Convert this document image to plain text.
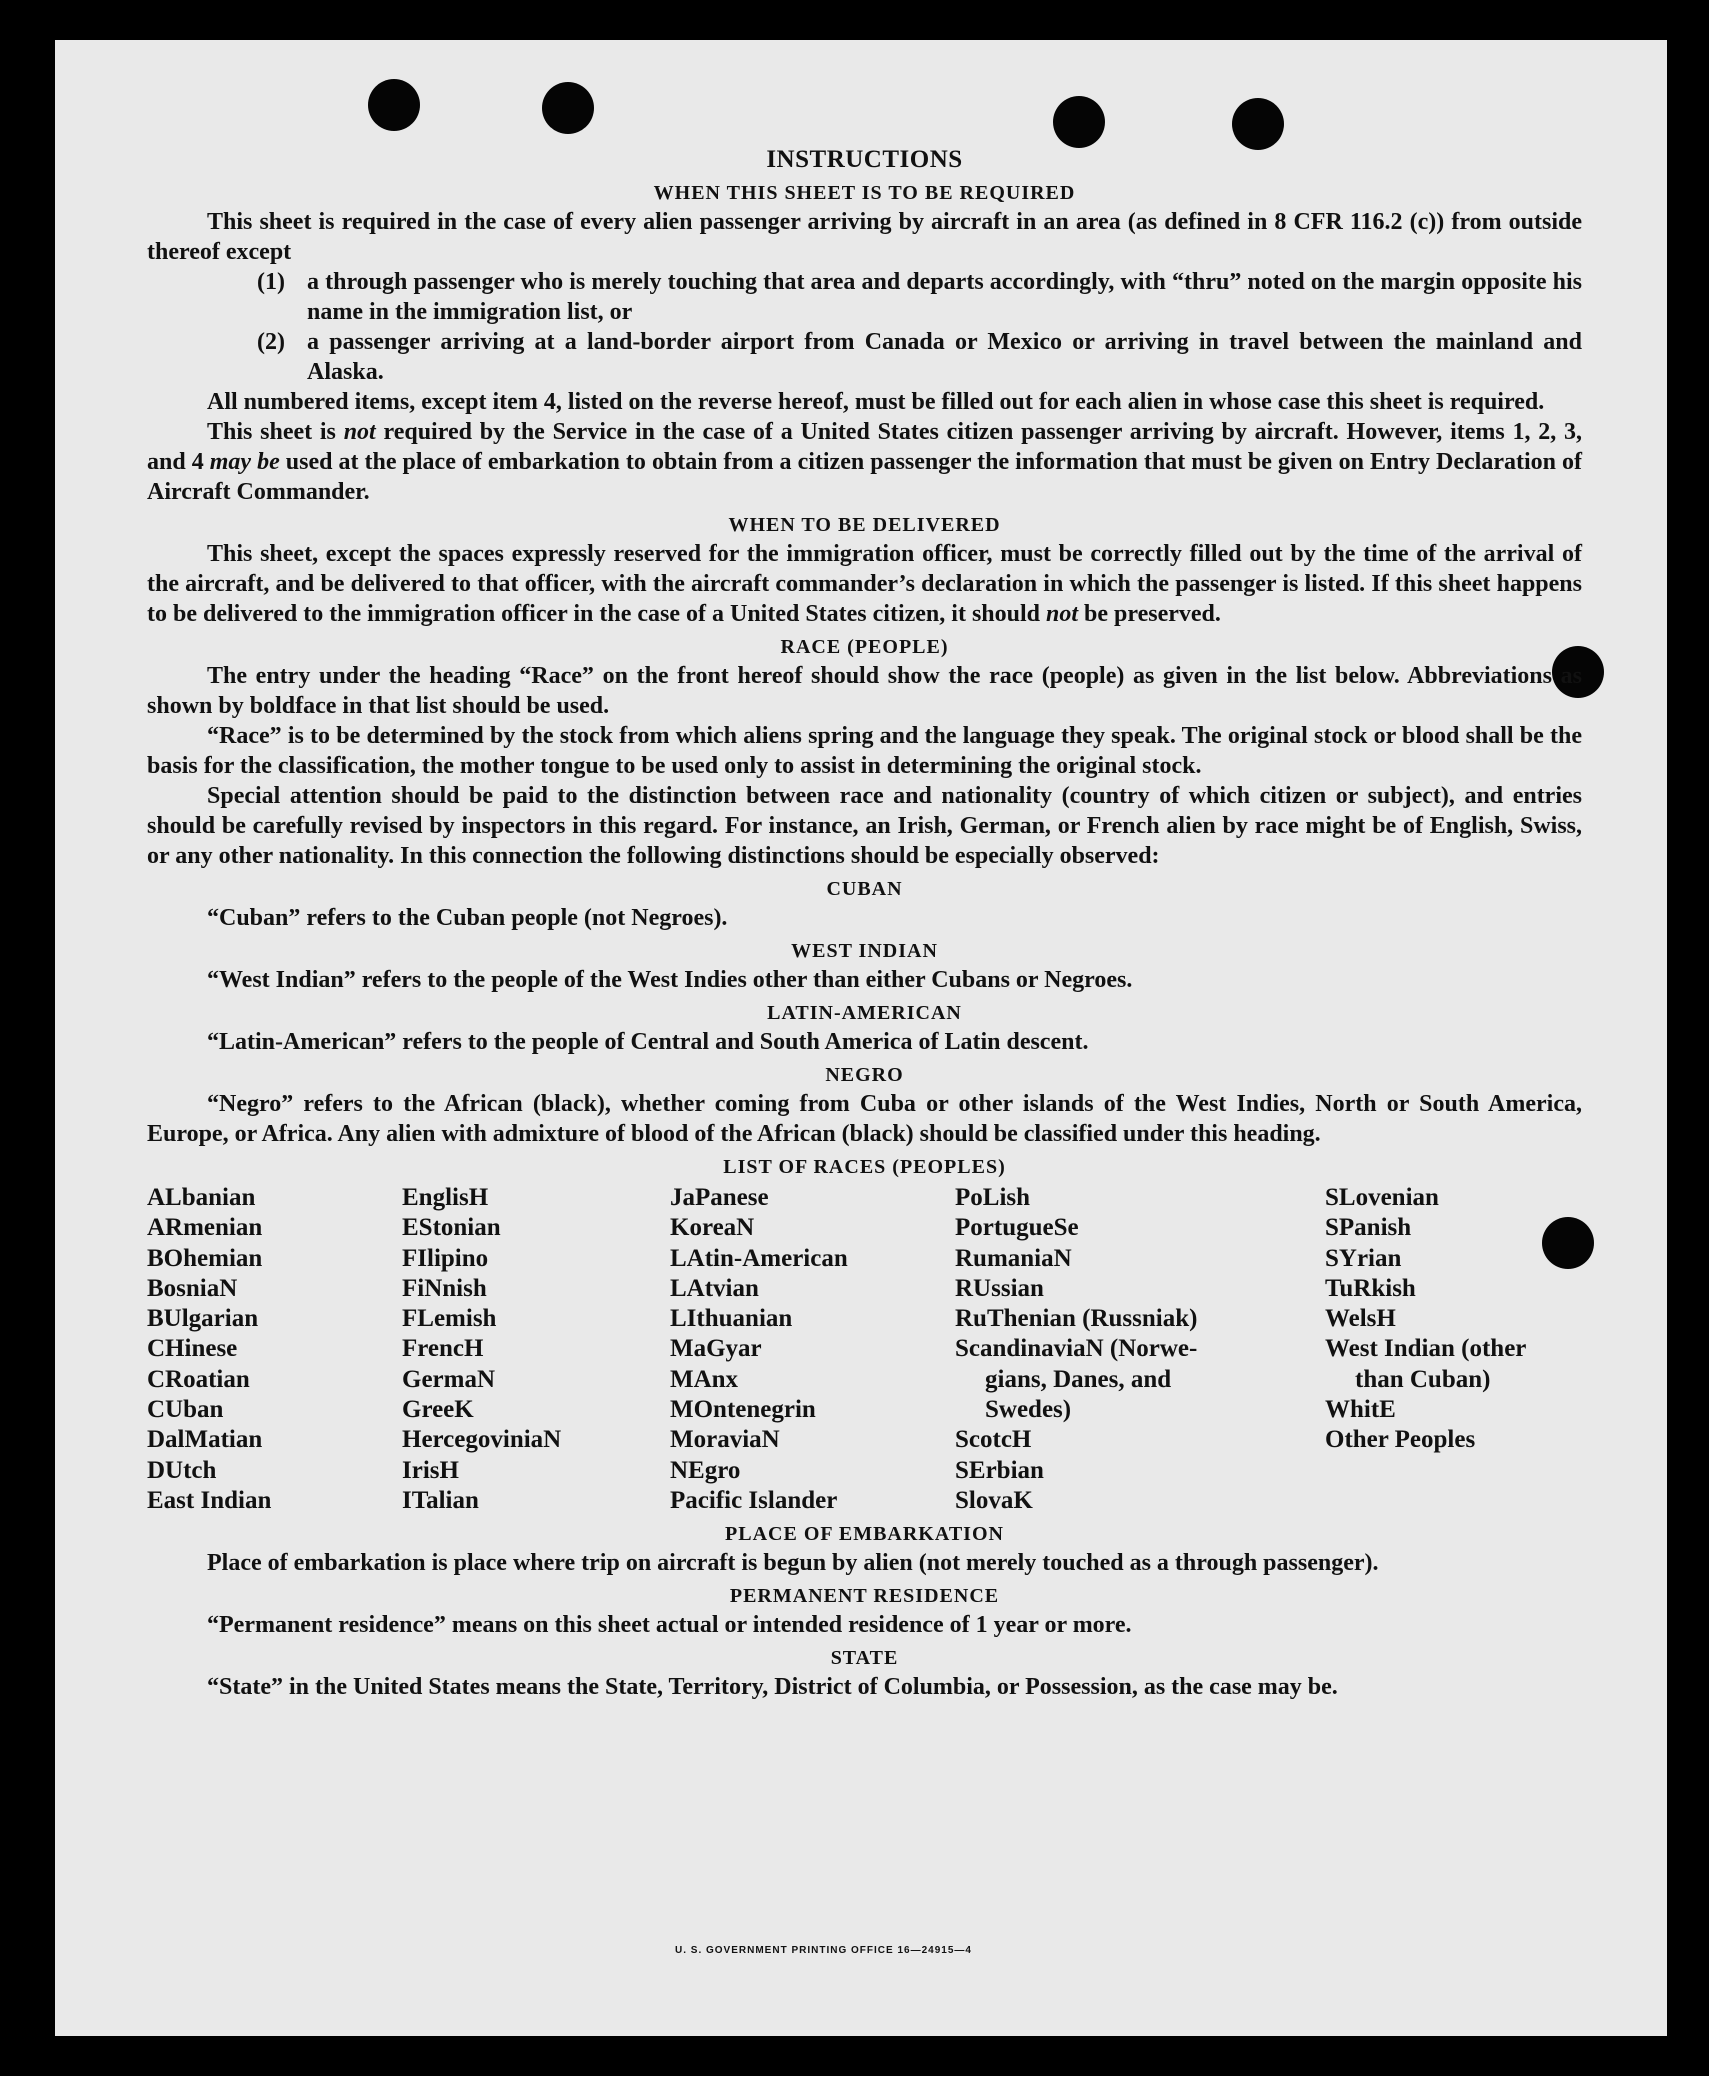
INSTRUCTIONS
WHEN THIS SHEET IS TO BE REQUIRED

This sheet is required in the case of every alien passenger arriving by aircraft in an area (as defined in 8 CFR 116.2 (c)) from outside thereof except

(1) a through passenger who is merely touching that area and departs accordingly, with “thru” noted on the margin opposite his name in the immigration list, or
(2) a passenger arriving at a land-border airport from Canada or Mexico or arriving in travel between the mainland and Alaska.

All numbered items, except item 4, listed on the reverse hereof, must be filled out for each alien in whose case this sheet is required.

This sheet is not required by the Service in the case of a United States citizen passenger arriving by aircraft. However, items 1, 2, 3, and 4 may be used at the place of embarkation to obtain from a citizen passenger the information that must be given on Entry Declaration of Aircraft Commander.

WHEN TO BE DELIVERED

This sheet, except the spaces expressly reserved for the immigration officer, must be correctly filled out by the time of the arrival of the aircraft, and be delivered to that officer, with the aircraft commander’s declaration in which the passenger is listed. If this sheet happens to be delivered to the immigration officer in the case of a United States citizen, it should not be preserved.

RACE (PEOPLE)

The entry under the heading “Race” on the front hereof should show the race (people) as given in the list below. Abbreviations as shown by boldface in that list should be used.

“Race” is to be determined by the stock from which aliens spring and the language they speak. The original stock or blood shall be the basis for the classification, the mother tongue to be used only to assist in determining the original stock.

Special attention should be paid to the distinction between race and nationality (country of which citizen or subject), and entries should be carefully revised by inspectors in this regard. For instance, an Irish, German, or French alien by race might be of English, Swiss, or any other nationality. In this connection the following distinctions should be especially observed:

CUBAN

“Cuban” refers to the Cuban people (not Negroes).

WEST INDIAN

“West Indian” refers to the people of the West Indies other than either Cubans or Negroes.

LATIN-AMERICAN

“Latin-American” refers to the people of Central and South America of Latin descent.

NEGRO

“Negro” refers to the African (black), whether coming from Cuba or other islands of the West Indies, North or South America, Europe, or Africa. Any alien with admixture of blood of the African (black) should be classified under this heading.

LIST OF RACES (PEOPLES)
ALbanian	EnglisH	JaPanese	PoLish	SLovenian
ARmenian	EStonian	KoreaN	PortugueSe	SPanish
BOhemian	FIlipino	LAtin-American	RumaniaN	SYrian
BosniaN	FiNnish	LAtvian	RUssian	TuRkish
BUlgarian	FLemish	LIthuanian	RuThenian (Russniak)	WelsH
CHinese	FrencH	MaGyar	ScandinaviaN (Norwe-	West Indian (other
CRoatian	GermaN	MAnx	gians, Danes, and	than Cuban)
CUban	GreeK	MOntenegrin	Swedes)	WhitE
DalMatian	HercegoviniaN	MoraviaN	ScotcH	Other Peoples
DUtch	IrisH	NEgro	SErbian
East Indian	ITalian	Pacific Islander	SlovaK
PLACE OF EMBARKATION

Place of embarkation is place where trip on aircraft is begun by alien (not merely touched as a through passenger).

PERMANENT RESIDENCE

“Permanent residence” means on this sheet actual or intended residence of 1 year or more.

STATE

“State” in the United States means the State, Territory, District of Columbia, or Possession, as the case may be.

U. S. GOVERNMENT PRINTING OFFICE 16—24915—4
